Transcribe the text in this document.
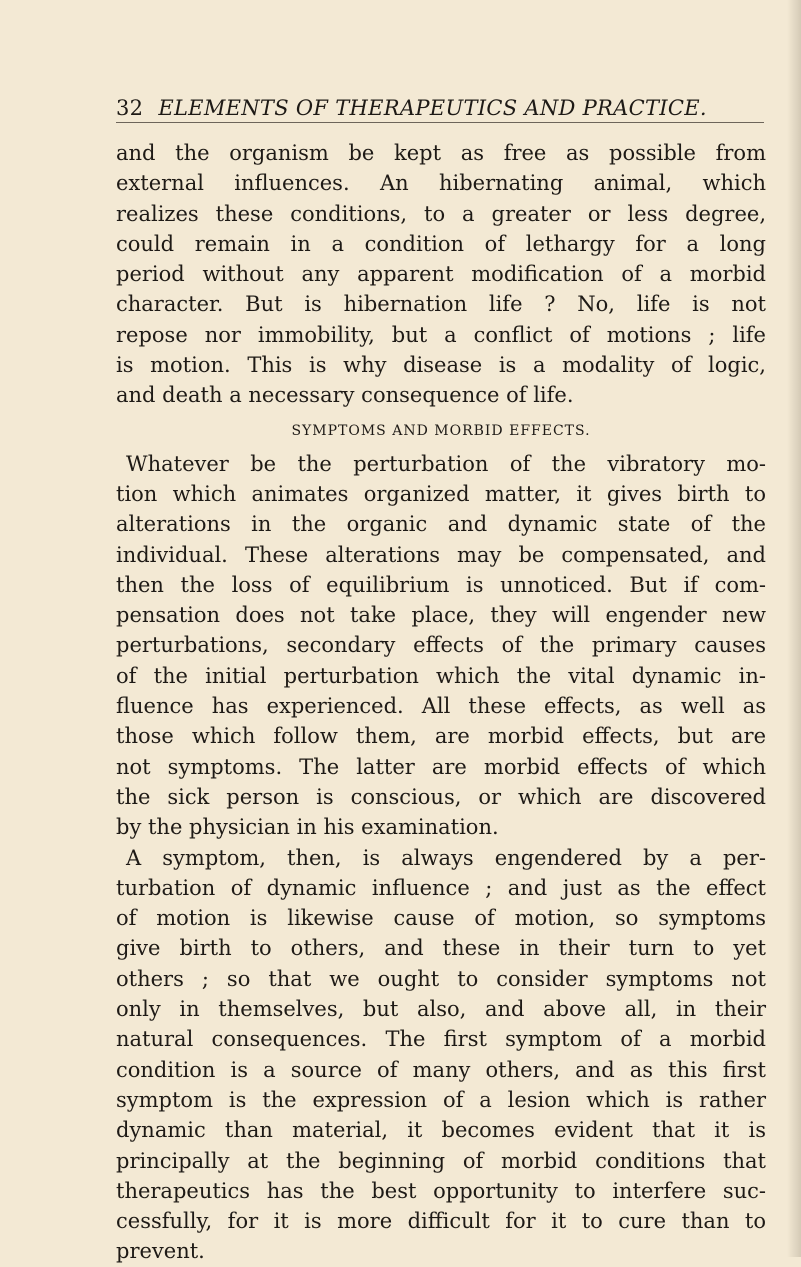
32 ELEMENTS OF THERAPEUTICS AND PRACTICE.
and the organism be kept as free as possible from
external influences. An hibernating animal, which
realizes these conditions, to a greater or less degree,
could remain in a condition of lethargy for a long
period without any apparent modification of a morbid
character. But is hibernation life ? No, life is not
repose nor immobility, but a conflict of motions ; life
is motion. This is why disease is a modality of logic,
and death a necessary consequence of life.
SYMPTOMS AND MORBID EFFECTS.
Whatever be the perturbation of the vibratory mo-
tion which animates organized matter, it gives birth to
alterations in the organic and dynamic state of the
individual. These alterations may be compensated, and
then the loss of equilibrium is unnoticed. But if com-
pensation does not take place, they will engender new
perturbations, secondary effects of the primary causes
of the initial perturbation which the vital dynamic in-
fluence has experienced. All these effects, as well as
those which follow them, are morbid effects, but are
not symptoms. The latter are morbid effects of which
the sick person is conscious, or which are discovered
by the physician in his examination.
A symptom, then, is always engendered by a per-
turbation of dynamic influence ; and just as the effect
of motion is likewise cause of motion, so symptoms
give birth to others, and these in their turn to yet
others ; so that we ought to consider symptoms not
only in themselves, but also, and above all, in their
natural consequences. The first symptom of a morbid
condition is a source of many others, and as this first
symptom is the expression of a lesion which is rather
dynamic than material, it becomes evident that it is
principally at the beginning of morbid conditions that
therapeutics has the best opportunity to interfere suc-
cessfully, for it is more difficult for it to cure than to
prevent.
